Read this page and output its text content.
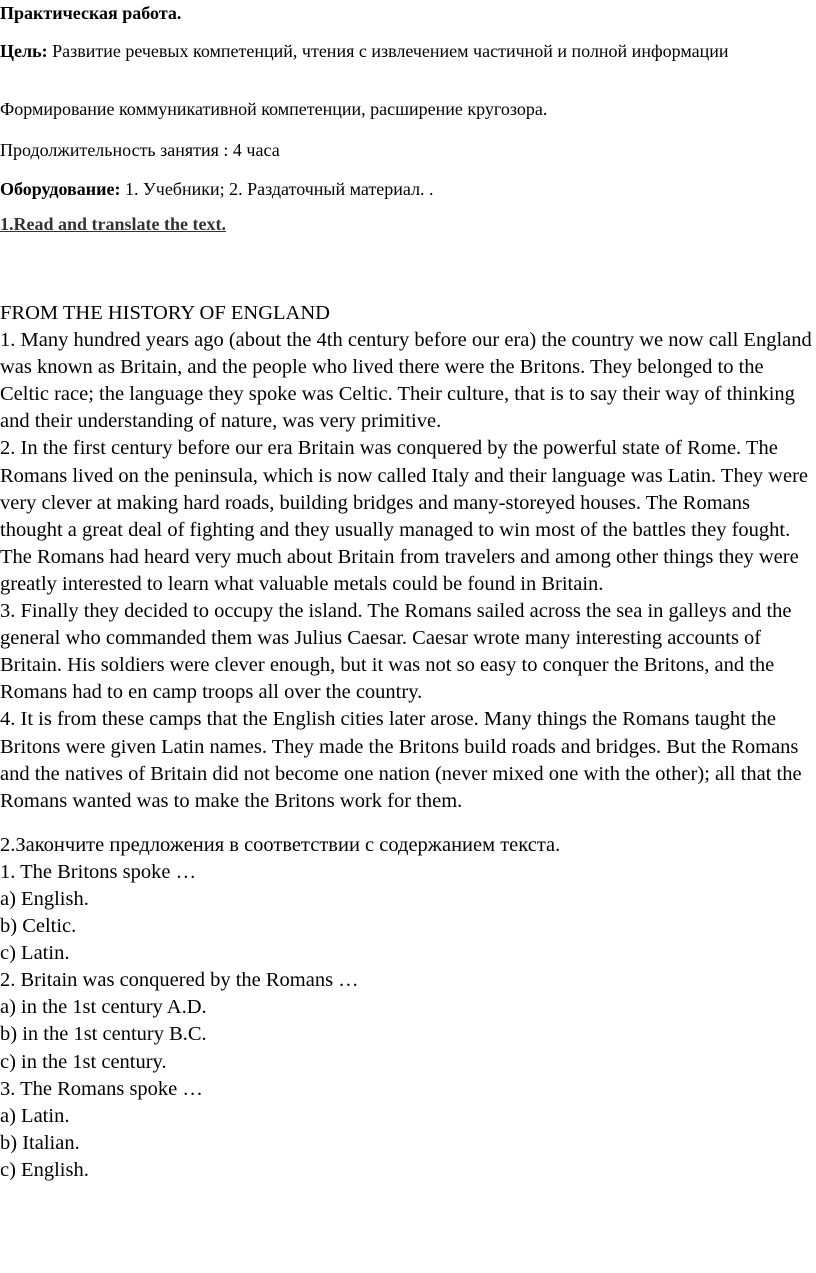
Практическая работа.

Цель: Развитие речевых компетенций, чтения с извлечением частичной и полной информации

Формирование коммуникативной компетенции, расширение кругозора.

Продолжительность занятия : 4 часа

Оборудование: 1. Учебники; 2. Раздаточный материал. .

1.Read and translate the text.

FROM THE HISTORY OF ENGLAND

1. Many hundred years ago (about the 4th century before our era) the country we now call England was known as Britain, and the people who lived there were the Britons. They belonged to the Celtic race; the language they spoke was Celtic. Their culture, that is to say their way of thinking and their understanding of nature, was very primitive.

2. In the first century before our era Britain was conquered by the powerful state of Rome. The Romans lived on the peninsula, which is now called Italy and their language was Latin. They were very clever at making hard roads, building bridges and many-storeyed houses. The Romans thought a great deal of fighting and they usually managed to win most of the battles they fought. The Romans had heard very much about Britain from travelers and among other things they were greatly interested to learn what valuable metals could be found in Britain.

3. Finally they decided to occupy the island. The Romans sailed across the sea in galleys and the general who commanded them was Julius Caesar. Caesar wrote many interesting accounts of Britain. His soldiers were clever enough, but it was not so easy to conquer the Britons, and the Romans had to en camp troops all over the country.

4. It is from these camps that the English cities later arose. Many things the Romans taught the Britons were given Latin names. They made the Britons build roads and bridges. But the Romans and the natives of Britain did not become one nation (never mixed one with the other); all that the Romans wanted was to make the Britons work for them.

2.Закончите предложения в соответствии с содержанием текста.

1. The Britons spoke …

a) English.

b) Celtic.

c) Latin.

2. Britain was conquered by the Romans …

a) in the 1st century A.D.

b) in the 1st century B.C.

c) in the 1st century.

3. The Romans spoke …

a) Latin.

b) Italian.

c) English.
